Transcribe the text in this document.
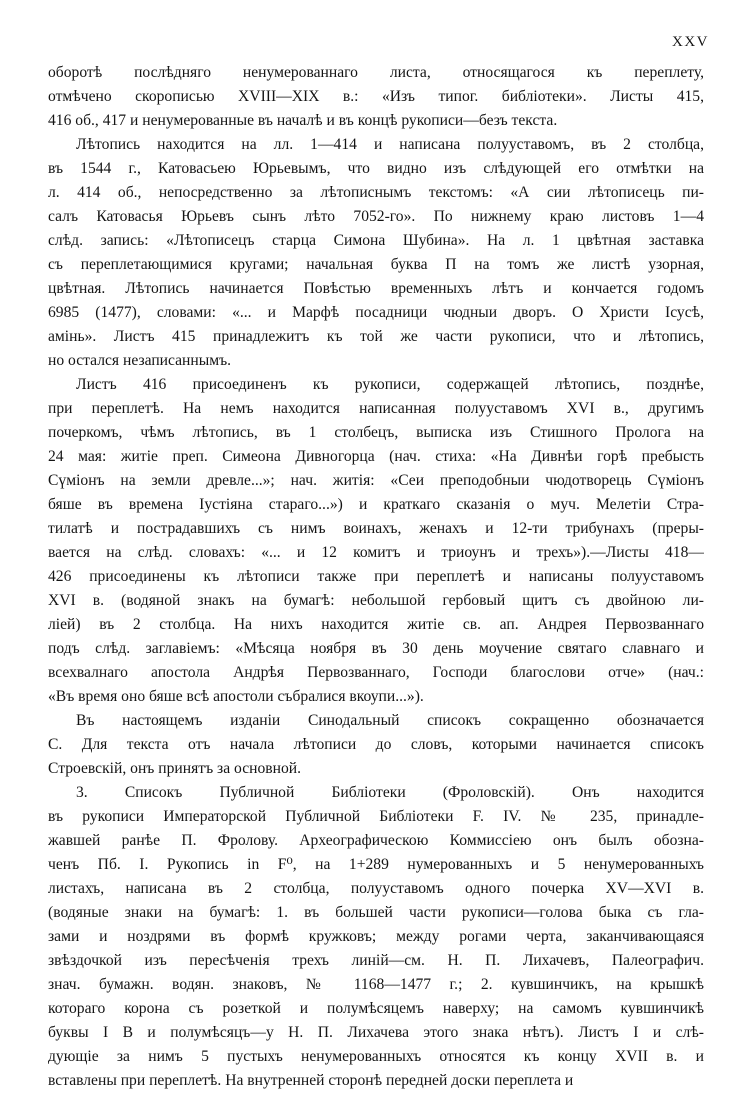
XXV
оборотѣ послѣдняго ненумерованнаго листа, относящагося къ переплету,
отмѣчено скорописью XVIII—XIX в.: «Изъ типог. библіотеки». Листы 415,
416 об., 417 и ненумерованные въ началѣ и въ концѣ рукописи—безъ текста.
Лѣтопись находится на лл. 1—414 и написана полууставомъ, въ 2 столбца,
въ 1544 г., Катовасьею Юрьевымъ, что видно изъ слѣдующей его отмѣтки на
л. 414 об., непосредственно за лѣтописнымъ текстомъ: «А сии лѣтописець пи-
салъ Катовасья Юрьевъ сынъ лѣто 7052-го». По нижнему краю листовъ 1—4
слѣд. запись: «Лѣтописецъ старца Симона Шубина». На л. 1 цвѣтная заставка
съ переплетающимися кругами; начальная буква П на томъ же листѣ узорная,
цвѣтная. Лѣтопись начинается Повѣстью временныхъ лѣтъ и кончается годомъ
6985 (1477), словами: «... и Марфѣ посадници чюдныи дворъ. О Христи Ісусѣ,
амінь». Листъ 415 принадлежитъ къ той же части рукописи, что и лѣтопись,
но остался незаписаннымъ.
Листъ 416 присоединенъ къ рукописи, содержащей лѣтопись, позднѣе,
при переплетѣ. На немъ находится написанная полууставомъ XVI в., другимъ
почеркомъ, чѣмъ лѣтопись, въ 1 столбецъ, выписка изъ Стишного Пролога на
24 мая: житіе преп. Симеона Дивногорца (нач. стиха: «На Дивнѣи горѣ пребысть
Сүміонъ на земли древле...»; нач. житія: «Сеи преподобныи чюдотворець Сүміонъ
бяше въ времена Іустіяна стараго...») и краткаго сказанія о муч. Мелетіи Стра-
тилатѣ и пострадавшихъ съ нимъ воинахъ, женахъ и 12-ти трибунахъ (преры-
вается на слѣд. словахъ: «... и 12 комитъ и триоунъ и трехъ»).—Листы 418—
426 присоединены къ лѣтописи также при переплетѣ и написаны полууставомъ
XVI в. (водяной знакъ на бумагѣ: небольшой гербовый щитъ съ двойною ли-
ліей) въ 2 столбца. На нихъ находится житіе св. ап. Андрея Первозваннаго
подъ слѣд. заглавіемъ: «Мѣсяца ноября въ 30 день моучение святаго славнаго и
всехвалнаго апостола Андрѣя Первозваннаго, Господи благослови отче» (нач.:
«Въ время оно бяше всѣ апостоли събралися вкоупи...»).
Въ настоящемъ изданіи Синодальный списокъ сокращенно обозначается
С. Для текста отъ начала лѣтописи до словъ, которыми начинается списокъ
Строевскій, онъ принятъ за основной.
3. Списокъ Публичной Библіотеки (Фроловскій). Онъ находится
въ рукописи Императорской Публичной Библіотеки F. IV. № 235, принадле-
жавшей ранѣе П. Фролову. Археографическою Коммиссіею онъ былъ обозна-
ченъ Пб. I. Рукопись in F⁰, на 1+289 нумерованныхъ и 5 ненумерованныхъ
листахъ, написана въ 2 столбца, полууставомъ одного почерка XV—XVI в.
(водяные знаки на бумагѣ: 1. въ большей части рукописи—голова быка съ гла-
зами и ноздрями въ формѣ кружковъ; между рогами черта, заканчивающаяся
звѣздочкой изъ пересѣченія трехъ линій—см. Н. П. Лихачевъ, Палеографич.
знач. бумажн. водян. знаковъ, № 1168—1477 г.; 2. кувшинчикъ, на крышкѣ
котораго корона съ розеткой и полумѣсяцемъ наверху; на самомъ кувшинчикѣ
буквы I В и полумѣсяцъ—у Н. П. Лихачева этого знака нѣтъ). Листъ I и слѣ-
дующіе за нимъ 5 пустыхъ ненумерованныхъ относятся къ концу XVII в. и
вставлены при переплетѣ. На внутренней сторонѣ передней доски переплета и
